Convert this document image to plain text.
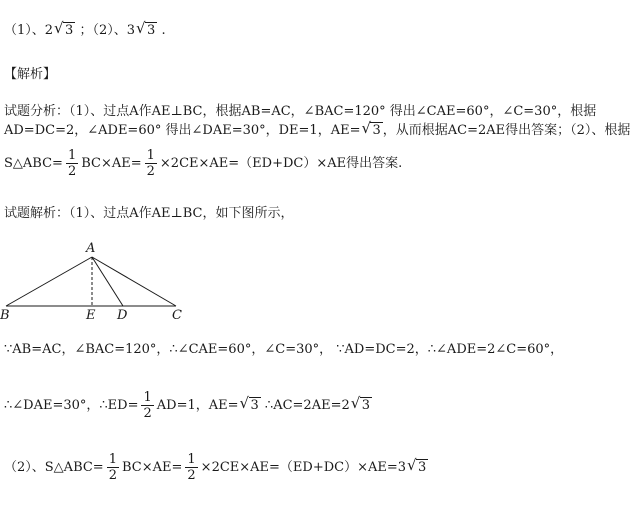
（1）、2√ 3 ；（2）、3√ 3 .
【解析】
试题分析：（1）、过点A作AE⊥BC，根据AB=AC，∠BAC=120° 得出∠CAE=60°，∠C=30°，根据
AD=DC=2，∠ADE=60° 得出∠DAE=30°，DE=1，AE=√ 3 ，从而根据AC=2AE得出答案；（2）、根据
S△ABC= $\frac{1}{2} BC\times AE= \frac{1}{2} \times 2CE\times AE=(ED+DC)\times AE$得出答案.
试题解析：（1）、过点A作AE⊥BC，如下图所示，
A
B	E D	C
∵AB=AC，∠BAC=120°，∴∠CAE=60°，∠C=30°， ∵AD=DC=2，∴∠ADE=2∠C=60°，
∴∠DAE=30°，∴ED= $\frac{1}{2} AD=1$，AE=√ 3 ∴AC=2AE=2√ 3
（2）、S△ABC= $\frac{1}{2} BC\times AE= \frac{1}{2} \times 2CE\times AE=(ED+DC)\times AE=3√$ 3
